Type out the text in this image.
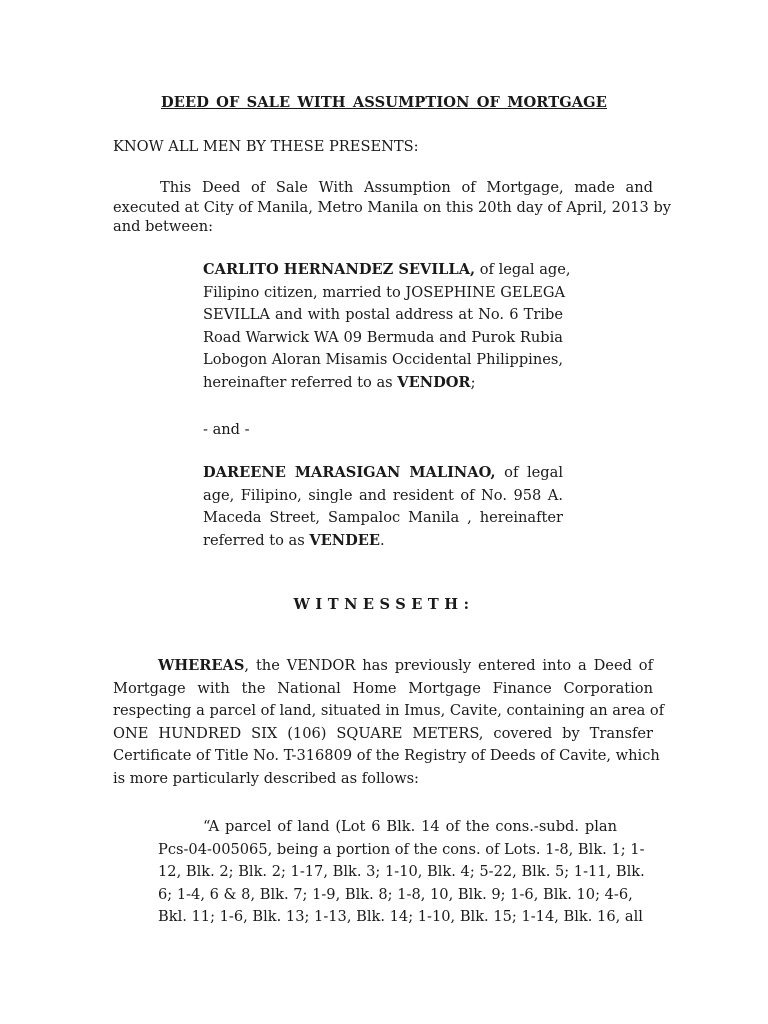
DEED OF SALE WITH ASSUMPTION OF MORTGAGE
KNOW ALL MEN BY THESE PRESENTS:
This Deed of Sale With Assumption of Mortgage, made and
executed at City of Manila, Metro Manila on this 20th day of April, 2013 by
and between:
CARLITO HERNANDEZ SEVILLA, of legal age,
Filipino citizen, married to JOSEPHINE GELEGA
SEVILLA and with postal address at No. 6 Tribe
Road Warwick WA 09 Bermuda and Purok Rubia
Lobogon Aloran Misamis Occidental Philippines,
hereinafter referred to as VENDOR;
- and -
DAREENE MARASIGAN MALINAO, of legal
age, Filipino, single and resident of No. 958 A.
Maceda Street, Sampaloc Manila , hereinafter
referred to as VENDEE.
WITNESSETH:
WHEREAS, the VENDOR has previously entered into a Deed of
Mortgage with the National Home Mortgage Finance Corporation
respecting a parcel of land, situated in Imus, Cavite, containing an area of
ONE HUNDRED SIX (106) SQUARE METERS, covered by Transfer
Certificate of Title No. T-316809 of the Registry of Deeds of Cavite, which
is more particularly described as follows:
“A parcel of land (Lot 6 Blk. 14 of the cons.-subd. plan
Pcs-04-005065, being a portion of the cons. of Lots. 1-8, Blk. 1; 1-
12, Blk. 2; Blk. 2; 1-17, Blk. 3; 1-10, Blk. 4; 5-22, Blk. 5; 1-11, Blk.
6; 1-4, 6 & 8, Blk. 7; 1-9, Blk. 8; 1-8, 10, Blk. 9; 1-6, Blk. 10; 4-6,
Bkl. 11; 1-6, Blk. 13; 1-13, Blk. 14; 1-10, Blk. 15; 1-14, Blk. 16, all
